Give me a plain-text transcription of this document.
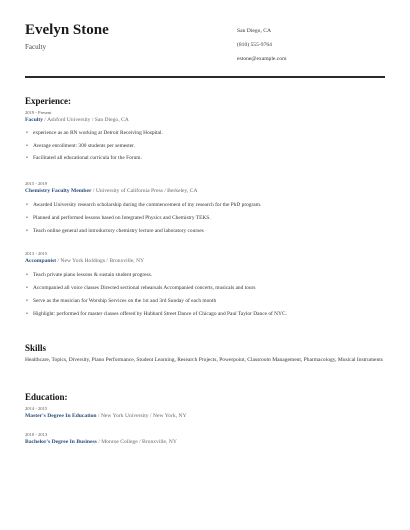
Evelyn Stone
Faculty
San Diego, CA
(810) 555-9764
estone@example.com
Experience:
2019 - Present
Faculty / Ashford University / San Diego, CA
• experience as an RN working at Detroit Receiving Hospital.
• Average enrollment: 300 students per semester.
• Facilitated all educational curricula for the Forum.
2015 - 2019
Chemistry Faculty Member / University of California Press / Berkeley, CA
• Awarded University research scholarship during the commencement of my research for the PhD program.
• Planned and performed lessons based on Integrated Physics and Chemistry TEKS.
• Teach online general and introductory chemistry lecture and laboratory courses
2013 - 2015
Accompanist / New York Holdings / Bronxville, NY
• Teach private piano lessons & sustain student progress.
• Accompanied all voice classes Directed sectional rehearsals Accompanied concerts, musicals and tours
• Serve as the musician for Worship Services on the 1st and 3rd Sunday of each month
• Highlight: performed for master classes offered by Hubbard Street Dance of Chicago and Paul Taylor Dance of NYC.
Skills
Healthcare, Topics, Diversity, Piano Performance, Student Learning, Research Projects, Powerpoint, Classroom Management, Pharmacology, Musical Instruments
Education:
2014 - 2015
Master's Degree In Education / New York University / New York, NY
2010 - 2013
Bachelor's Degree In Business / Monroe College / Bronxville, NY
